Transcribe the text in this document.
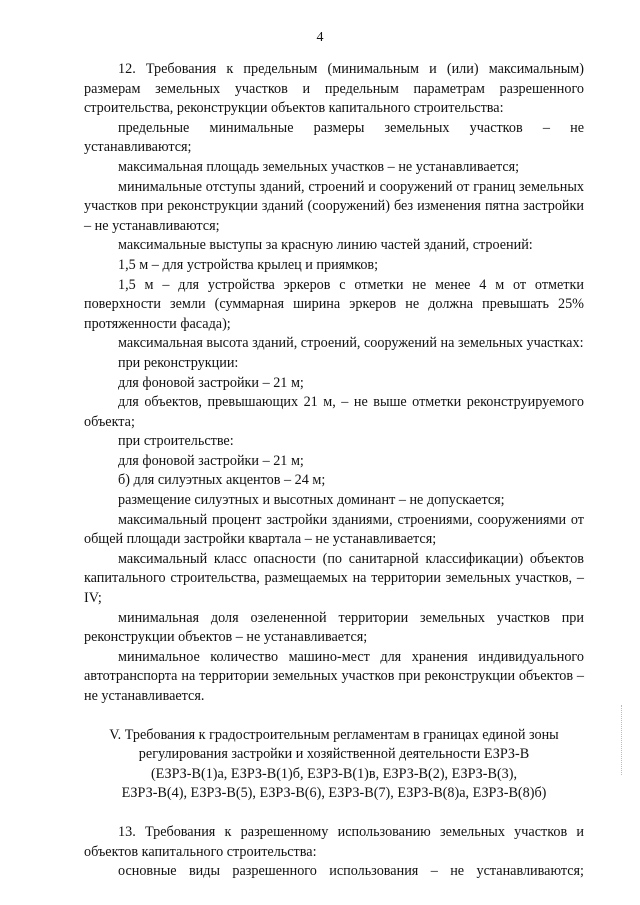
4

12. Требования к предельным (минимальным и (или) максимальным) размерам земельных участков и предельным параметрам разрешенного строительства, реконструкции объектов капитального строительства:

предельные минимальные размеры земельных участков – не устанавливаются;

максимальная площадь земельных участков – не устанавливается;

минимальные отступы зданий, строений и сооружений от границ земельных участков при реконструкции зданий (сооружений) без изменения пятна застройки – не устанавливаются;

максимальные выступы за красную линию частей зданий, строений:

1,5 м – для устройства крылец и приямков;

1,5 м – для устройства эркеров с отметки не менее 4 м от отметки поверхности земли (суммарная ширина эркеров не должна превышать 25% протяженности фасада);

максимальная высота зданий, строений, сооружений на земельных участках:

при реконструкции:

для фоновой застройки – 21 м;

для объектов, превышающих 21 м, – не выше отметки реконструируемого объекта;

при строительстве:

для фоновой застройки – 21 м;

б) для силуэтных акцентов – 24 м;

размещение силуэтных и высотных доминант – не допускается;

максимальный процент застройки зданиями, строениями, сооружениями от общей площади застройки квартала – не устанавливается;

максимальный класс опасности (по санитарной классификации) объектов капитального строительства, размещаемых на территории земельных участков, – IV;

минимальная доля озелененной территории земельных участков при реконструкции объектов – не устанавливается;

минимальное количество машино-мест для хранения индивидуального автотранспорта на территории земельных участков при реконструкции объектов – не устанавливается.

V. Требования к градостроительным регламентам в границах единой зоны

регулирования застройки и хозяйственной деятельности ЕЗРЗ-В

(ЕЗРЗ-В(1)а, ЕЗРЗ-В(1)б, ЕЗРЗ-В(1)в, ЕЗРЗ-В(2), ЕЗРЗ-В(3),

ЕЗРЗ-В(4), ЕЗРЗ-В(5), ЕЗРЗ-В(6), ЕЗРЗ-В(7), ЕЗРЗ-В(8)а, ЕЗРЗ-В(8)б)

13. Требования к разрешенному использованию земельных участков и объектов капитального строительства:

основные виды разрешенного использования – не устанавливаются;
